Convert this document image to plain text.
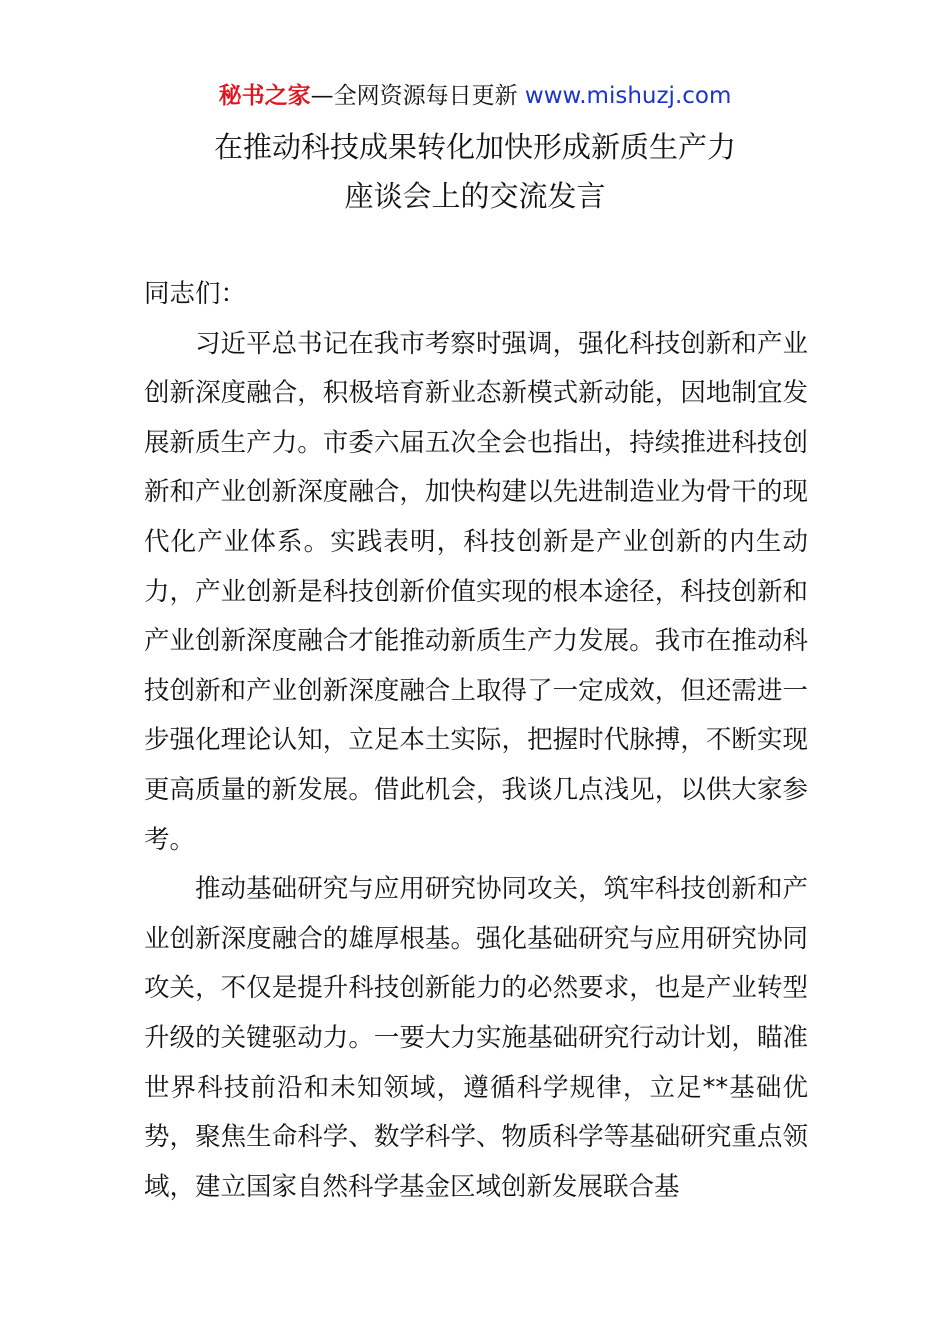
秘书之家—全网资源每日更新 www.mishuzj.com
在推动科技成果转化加快形成新质生产力
座谈会上的交流发言

同志们：

习近平总书记在我市考察时强调，强化科技创新和产业创新深度融合，积极培育新业态新模式新动能，因地制宜发展新质生产力。市委六届五次全会也指出，持续推进科技创新和产业创新深度融合，加快构建以先进制造业为骨干的现代化产业体系。实践表明，科技创新是产业创新的内生动力，产业创新是科技创新价值实现的根本途径，科技创新和产业创新深度融合才能推动新质生产力发展。我市在推动科技创新和产业创新深度融合上取得了一定成效，但还需进一步强化理论认知，立足本土实际，把握时代脉搏，不断实现更高质量的新发展。借此机会，我谈几点浅见，以供大家参考。

推动基础研究与应用研究协同攻关，筑牢科技创新和产业创新深度融合的雄厚根基。强化基础研究与应用研究协同攻关，不仅是提升科技创新能力的必然要求，也是产业转型升级的关键驱动力。一要大力实施基础研究行动计划，瞄准世界科技前沿和未知领域，遵循科学规律，立足**基础优势，聚焦生命科学、数学科学、物质科学等基础研究重点领域，建立国家自然科学基金区域创新发展联合基
